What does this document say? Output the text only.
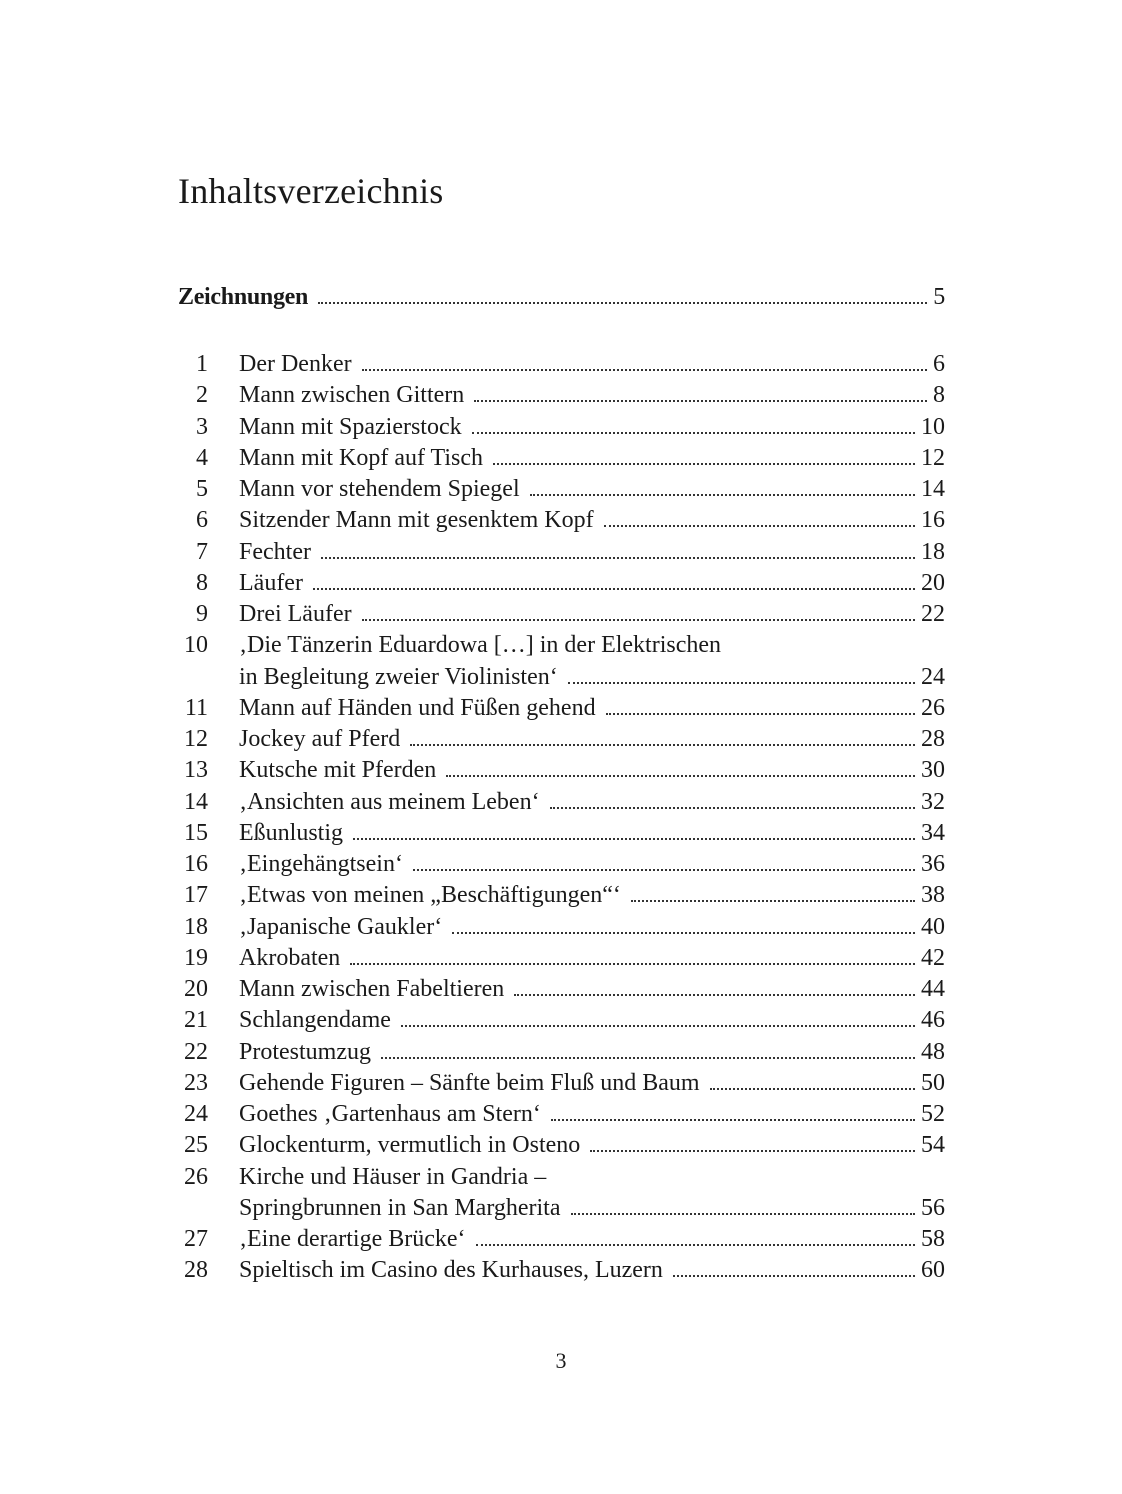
Inhaltsverzeichnis
Zeichnungen	5
1 Der Denker	6
2 Mann zwischen Gittern	8
3 Mann mit Spazierstock	10
4 Mann mit Kopf auf Tisch	12
5 Mann vor stehendem Spiegel	14
6 Sitzender Mann mit gesenktem Kopf	16
7 Fechter	18
8 Läufer	20
9 Drei Läufer	22
10 ‚Die Tänzerin Eduardowa […] in der Elektrischen
in Begleitung zweier Violinisten‘	24
11 Mann auf Händen und Füßen gehend	26
12 Jockey auf Pferd	28
13 Kutsche mit Pferden	30
14 ‚Ansichten aus meinem Leben‘	32
15 Eßunlustig	34
16 ‚Eingehängtsein‘	36
17 ‚Etwas von meinen „Beschäftigungen“‘	38
18 ‚Japanische Gaukler‘	40
19 Akrobaten	42
20 Mann zwischen Fabeltieren	44
21 Schlangendame	46
22 Protestumzug	48
23 Gehende Figuren – Sänfte beim Fluß und Baum	50
24 Goethes ‚Gartenhaus am Stern‘	52
25 Glockenturm, vermutlich in Osteno	54
26 Kirche und Häuser in Gandria –
Springbrunnen in San Margherita	56
27 ‚Eine derartige Brücke‘	58
28 Spieltisch im Casino des Kurhauses, Luzern	60
3
